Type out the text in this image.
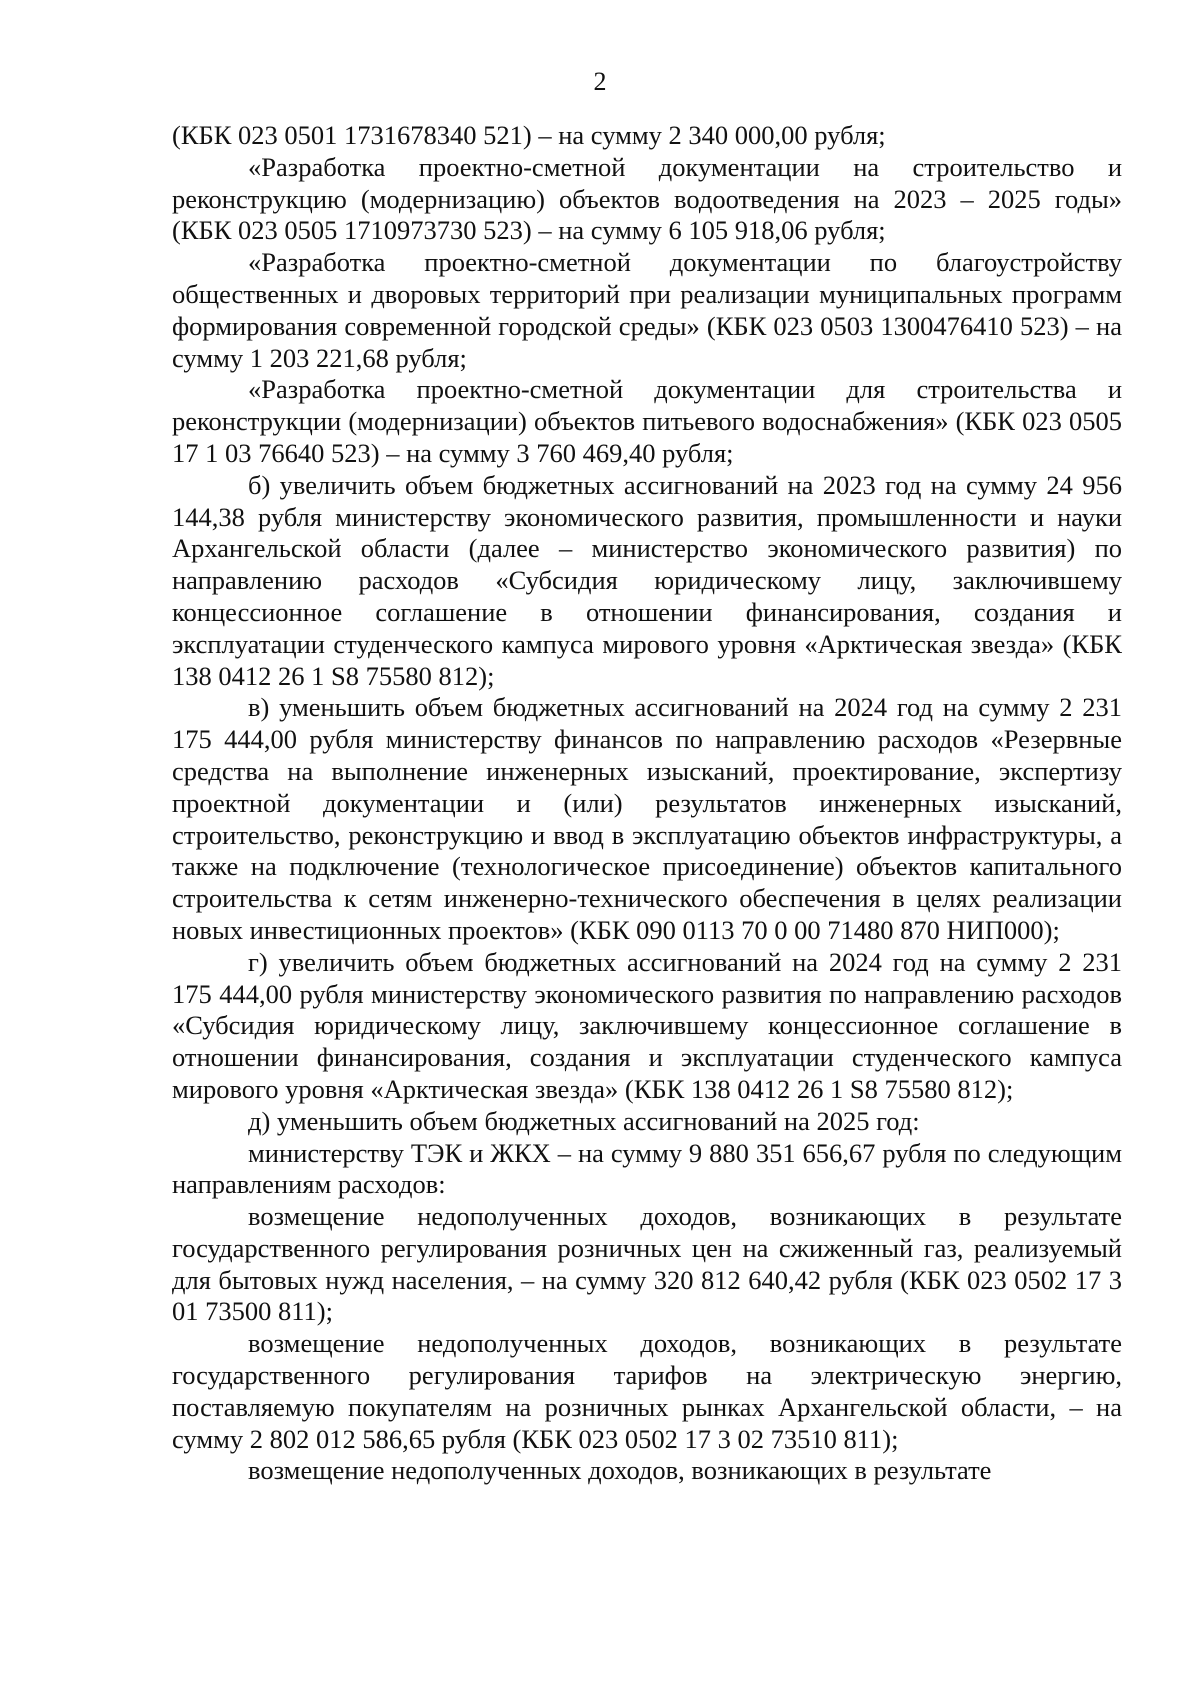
2

(КБК 023 0501 1731678340 521) – на сумму 2 340 000,00 рубля;

«Разработка проектно-сметной документации на строительство и реконструкцию (модернизацию) объектов водоотведения на 2023 – 2025 годы» (КБК 023 0505 1710973730 523) – на сумму 6 105 918,06 рубля;

«Разработка проектно-сметной документации по благоустройству общественных и дворовых территорий при реализации муниципальных программ формирования современной городской среды» (КБК 023 0503 1300476410 523) – на сумму 1 203 221,68 рубля;

«Разработка проектно-сметной документации для строительства и реконструкции (модернизации) объектов питьевого водоснабжения» (КБК 023 0505 17 1 03 76640 523) – на сумму 3 760 469,40 рубля;

б) увеличить объем бюджетных ассигнований на 2023 год на сумму 24 956 144,38 рубля министерству экономического развития, промышленности и науки Архангельской области (далее – министерство экономического развития) по направлению расходов «Субсидия юридическому лицу, заключившему концессионное соглашение в отношении финансирования, создания и эксплуатации студенческого кампуса мирового уровня «Арктическая звезда» (КБК 138 0412 26 1 S8 75580 812);

в) уменьшить объем бюджетных ассигнований на 2024 год на сумму 2 231 175 444,00 рубля министерству финансов по направлению расходов «Резервные средства на выполнение инженерных изысканий, проектирование, экспертизу проектной документации и (или) результатов инженерных изысканий, строительство, реконструкцию и ввод в эксплуатацию объектов инфраструктуры, а также на подключение (технологическое присоединение) объектов капитального строительства к сетям инженерно-технического обеспечения в целях реализации новых инвестиционных проектов» (КБК 090 0113 70 0 00 71480 870 НИП000);

г) увеличить объем бюджетных ассигнований на 2024 год на сумму 2 231 175 444,00 рубля министерству экономического развития по направлению расходов «Субсидия юридическому лицу, заключившему концессионное соглашение в отношении финансирования, создания и эксплуатации студенческого кампуса мирового уровня «Арктическая звезда» (КБК 138 0412 26 1 S8 75580 812);

д) уменьшить объем бюджетных ассигнований на 2025 год:

министерству ТЭК и ЖКХ – на сумму 9 880 351 656,67 рубля по следующим направлениям расходов:

возмещение недополученных доходов, возникающих в результате государственного регулирования розничных цен на сжиженный газ, реализуемый для бытовых нужд населения, – на сумму 320 812 640,42 рубля (КБК 023 0502 17 3 01 73500 811);

возмещение недополученных доходов, возникающих в результате государственного регулирования тарифов на электрическую энергию, поставляемую покупателям на розничных рынках Архангельской области, – на сумму 2 802 012 586,65 рубля (КБК 023 0502 17 3 02 73510 811);

возмещение недополученных доходов, возникающих в результате
